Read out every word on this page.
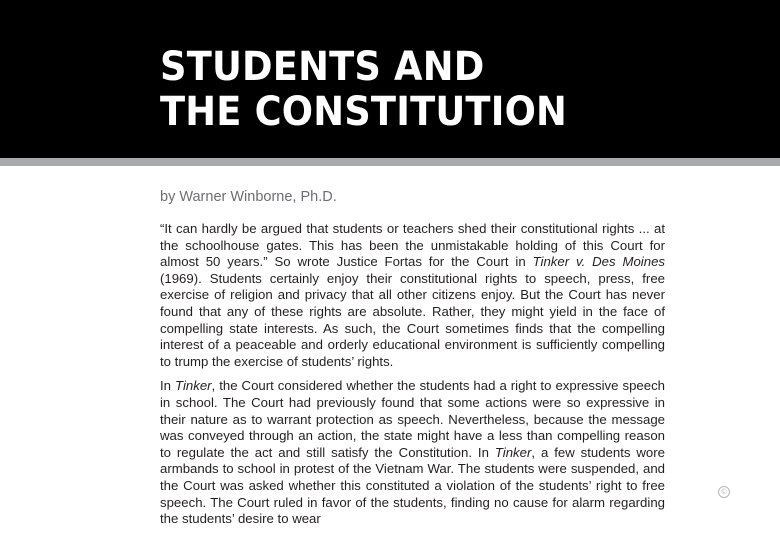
STUDENTS AND
THE CONSTITUTION

by Warner Winborne, Ph.D.

“It can hardly be argued that students or teachers shed their constitutional rights ... at the schoolhouse gates. This has been the unmistakable holding of this Court for almost 50 years.” So wrote Justice Fortas for the Court in Tinker v. Des Moines (1969). Students certainly enjoy their constitutional rights to speech, press, free exercise of religion and privacy that all other citizens enjoy. But the Court has never found that any of these rights are absolute. Rather, they might yield in the face of compelling state interests. As such, the Court sometimes finds that the compelling interest of a peaceable and orderly educational environment is sufficiently compelling to trump the exercise of students’ rights.

In Tinker, the Court considered whether the students had a right to expressive speech in school. The Court had previously found that some actions were so expressive in their nature as to warrant protection as speech. Nevertheless, because the message was conveyed through an action, the state might have a less than compelling reason to regulate the act and still satisfy the Constitution. In Tinker, a few students wore armbands to school in protest of the Vietnam War. The students were suspended, and the Court was asked whether this constituted a violation of the students’ right to free speech. The Court ruled in favor of the students, finding no cause for alarm regarding the students’ desire to wear

©
